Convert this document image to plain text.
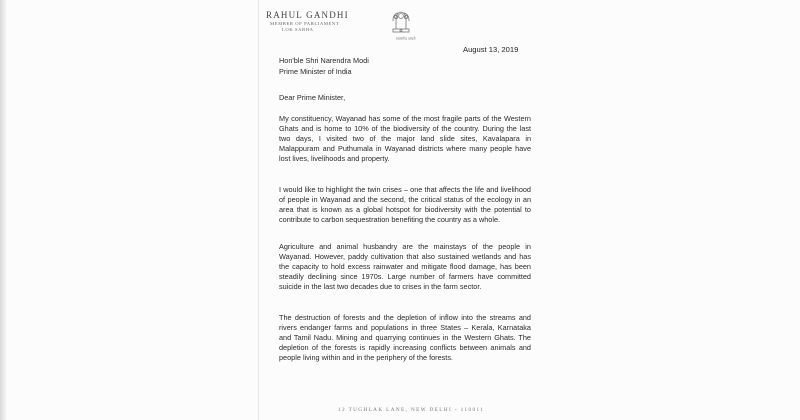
RAHUL GANDHI
MEMBER OF PARLIAMENT
LOK SABHA
सत्यमेव जयते
August 13, 2019
Hon'ble Shri Narendra Modi
Prime Minister of India
Dear Prime Minister,
My constituency, Wayanad has some of the most fragile parts of the Western Ghats and is home to 10% of the biodiversity of the country. During the last two days, I visited two of the major land slide sites, Kavalapara in Malappuram and Puthumala in Wayanad districts where many people have lost lives, livelihoods and property.
I would like to highlight the twin crises – one that affects the life and livelihood of people in Wayanad and the second, the critical status of the ecology in an area that is known as a global hotspot for biodiversity with the potential to contribute to carbon sequestration benefiting the country as a whole.
Agriculture and animal husbandry are the mainstays of the people in Wayanad. However, paddy cultivation that also sustained wetlands and has the capacity to hold excess rainwater and mitigate flood damage, has been steadily declining since 1970s. Large number of farmers have committed suicide in the last two decades due to crises in the farm sector.
The destruction of forests and the depletion of inflow into the streams and rivers endanger farms and populations in three States – Kerala, Karnataka and Tamil Nadu. Mining and quarrying continues in the Western Ghats. The depletion of the forests is rapidly increasing conflicts between animals and people living within and in the periphery of the forests.
12 TUGHLAK LANE, NEW DELHI - 110011
